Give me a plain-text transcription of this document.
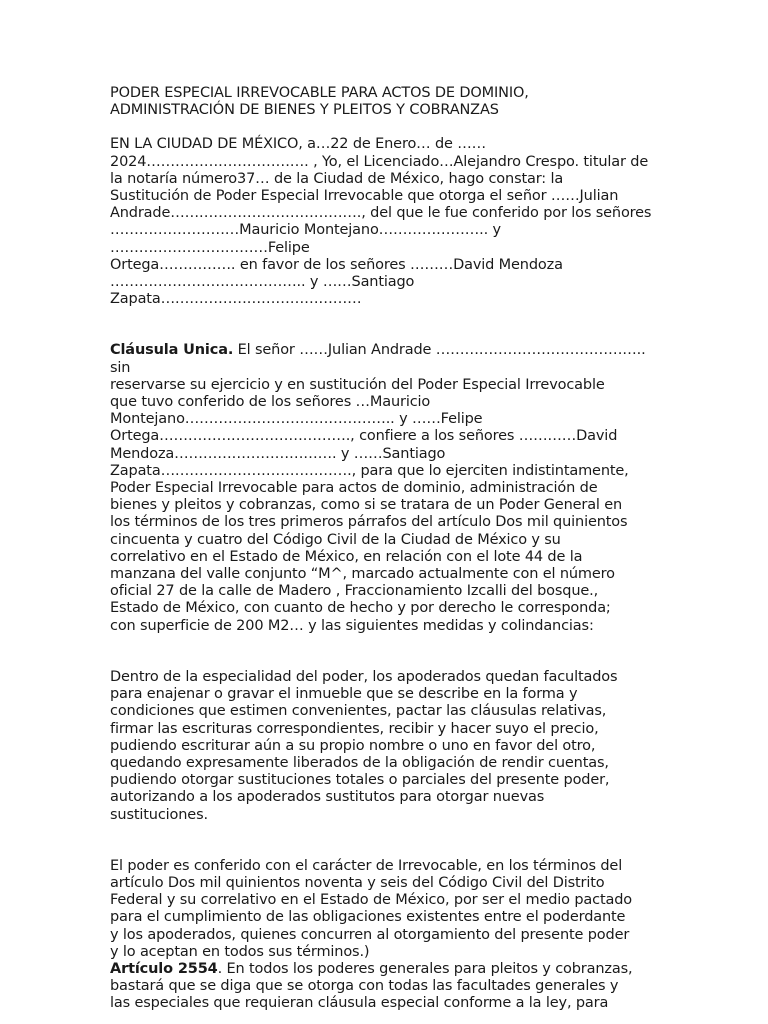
PODER ESPECIAL IRREVOCABLE PARA ACTOS DE DOMINIO,
ADMINISTRACIÓN DE BIENES Y PLEITOS Y COBRANZAS

EN LA CIUDAD DE MÉXICO, a…22 de Enero… de ……
2024……………………………. , Yo, el Licenciado…Alejandro Crespo. titular de
la notaría número37… de la Ciudad de México, hago constar: la
Sustitución de Poder Especial Irrevocable que otorga el señor ……Julian
Andrade…………………………………., del que le fue conferido por los señores
………………………Mauricio Montejano………………….. y ……………………………Felipe
Ortega……………. en favor de los señores ………David Mendoza
………………………………….. y ……Santiago Zapata……………………………………

Cláusula Unica. El señor ……Julian Andrade …………………………………….. sin
reservarse su ejercicio y en sustitución del Poder Especial Irrevocable
que tuvo conferido de los señores …Mauricio
Montejano…………………………………….. y ……Felipe
Ortega…………………………………., confiere a los señores …………David
Mendoza……………………………. y ……Santiago
Zapata…………………………………., para que lo ejerciten indistintamente,
Poder Especial Irrevocable para actos de dominio, administración de
bienes y pleitos y cobranzas, como si se tratara de un Poder General en
los términos de los tres primeros párrafos del artículo Dos mil quinientos
cincuenta y cuatro del Código Civil de la Ciudad de México y su
correlativo en el Estado de México, en relación con el lote 44 de la
manzana del valle conjunto “M^, marcado actualmente con el número
oficial 27 de la calle de Madero , Fraccionamiento Izcalli del bosque.,
Estado de México, con cuanto de hecho y por derecho le corresponda;
con superficie de 200 M2… y las siguientes medidas y colindancias:

Dentro de la especialidad del poder, los apoderados quedan facultados
para enajenar o gravar el inmueble que se describe en la forma y
condiciones que estimen convenientes, pactar las cláusulas relativas,
firmar las escrituras correspondientes, recibir y hacer suyo el precio,
pudiendo escriturar aún a su propio nombre o uno en favor del otro,
quedando expresamente liberados de la obligación de rendir cuentas,
pudiendo otorgar sustituciones totales o parciales del presente poder,
autorizando a los apoderados sustitutos para otorgar nuevas
sustituciones.

El poder es conferido con el carácter de Irrevocable, en los términos del
artículo Dos mil quinientos noventa y seis del Código Civil del Distrito
Federal y su correlativo en el Estado de México, por ser el medio pactado
para el cumplimiento de las obligaciones existentes entre el poderdante
y los apoderados, quienes concurren al otorgamiento del presente poder
y lo aceptan en todos sus términos.)

Artículo 2554. En todos los poderes generales para pleitos y cobranzas,
bastará que se diga que se otorga con todas las facultades generales y
las especiales que requieran cláusula especial conforme a la ley, para
